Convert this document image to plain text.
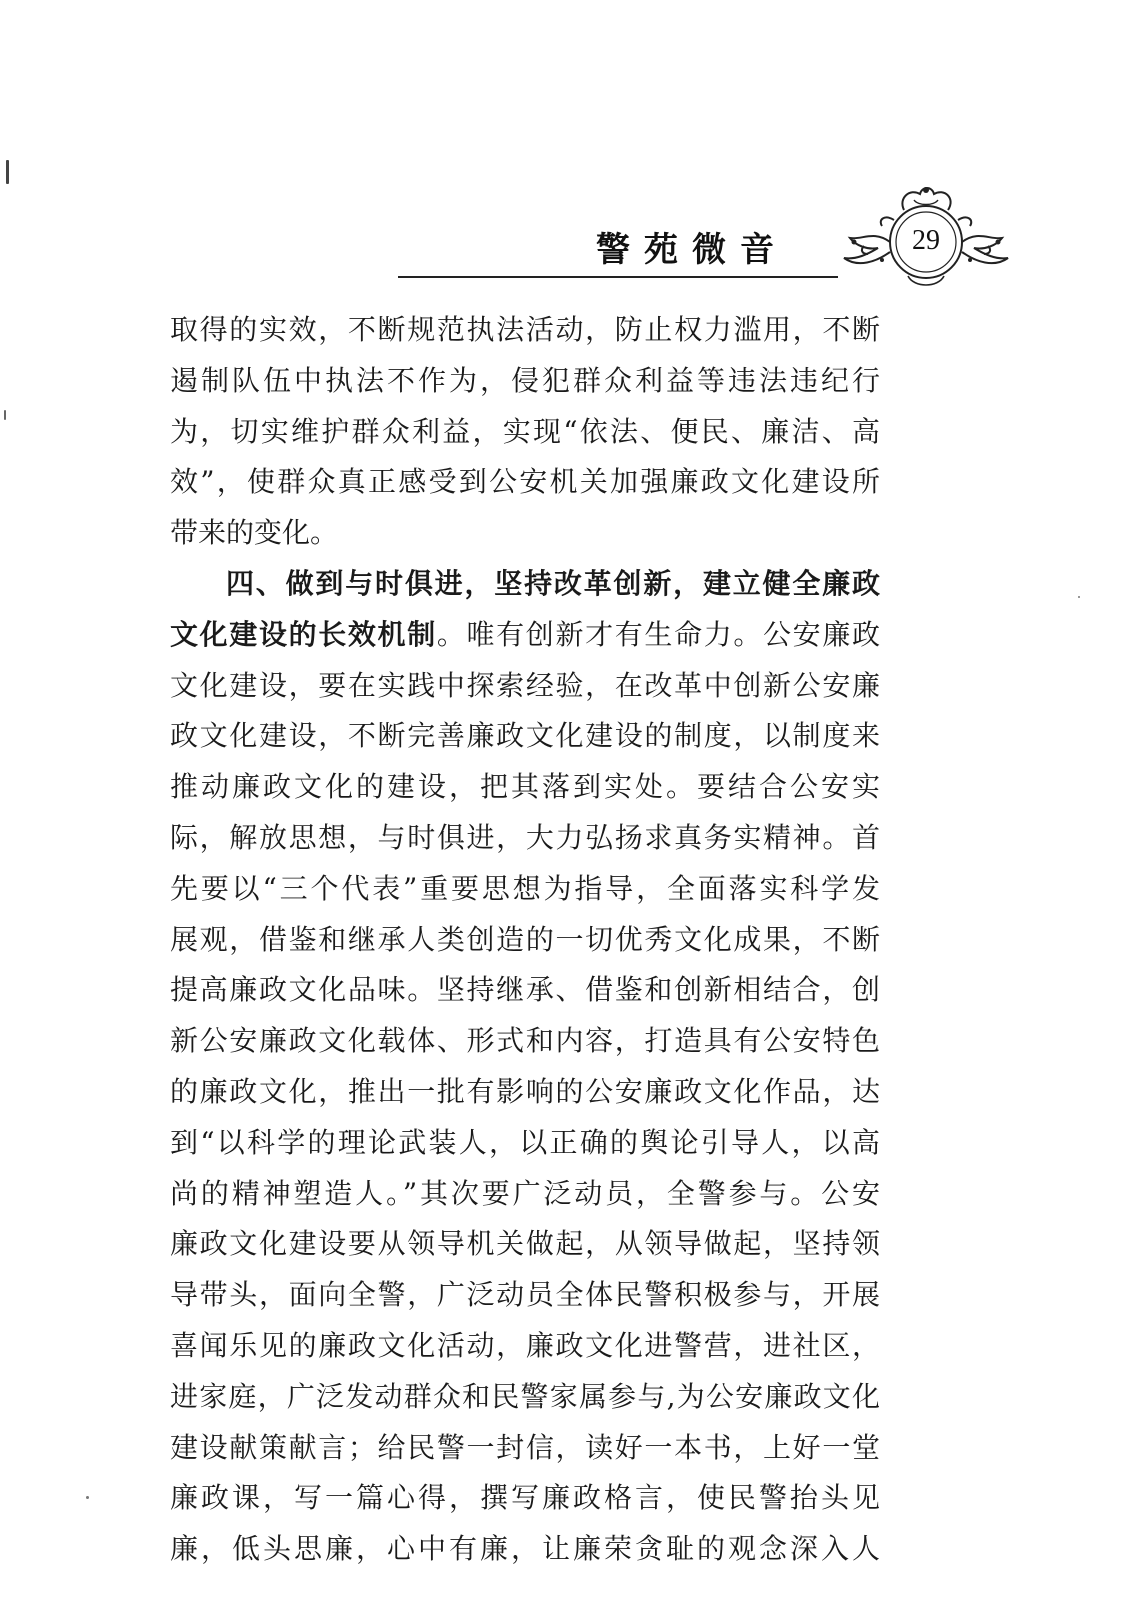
警苑微音	29
取得的实效，不断规范执法活动，防止权力滥用，不断
遏制队伍中执法不作为，侵犯群众利益等违法违纪行
为，切实维护群众利益，实现“依法、便民、廉洁、高
效”，使群众真正感受到公安机关加强廉政文化建设所
带来的变化。
四、做到与时俱进，坚持改革创新，建立健全廉政
文化建设的长效机制。唯有创新才有生命力。公安廉政
文化建设，要在实践中探索经验，在改革中创新公安廉
政文化建设，不断完善廉政文化建设的制度，以制度来
推动廉政文化的建设，把其落到实处。要结合公安实
际，解放思想，与时俱进，大力弘扬求真务实精神。首
先要以“三个代表”重要思想为指导，全面落实科学发
展观，借鉴和继承人类创造的一切优秀文化成果，不断
提高廉政文化品味。坚持继承、借鉴和创新相结合，创
新公安廉政文化载体、形式和内容，打造具有公安特色
的廉政文化，推出一批有影响的公安廉政文化作品，达
到“以科学的理论武装人，以正确的舆论引导人，以高
尚的精神塑造人。”其次要广泛动员，全警参与。公安
廉政文化建设要从领导机关做起，从领导做起，坚持领
导带头，面向全警，广泛动员全体民警积极参与，开展
喜闻乐见的廉政文化活动，廉政文化进警营，进社区，
进家庭，广泛发动群众和民警家属参与,为公安廉政文化
建设献策献言；给民警一封信，读好一本书，上好一堂
廉政课，写一篇心得，撰写廉政格言，使民警抬头见
廉，低头思廉，心中有廉，让廉荣贪耻的观念深入人
